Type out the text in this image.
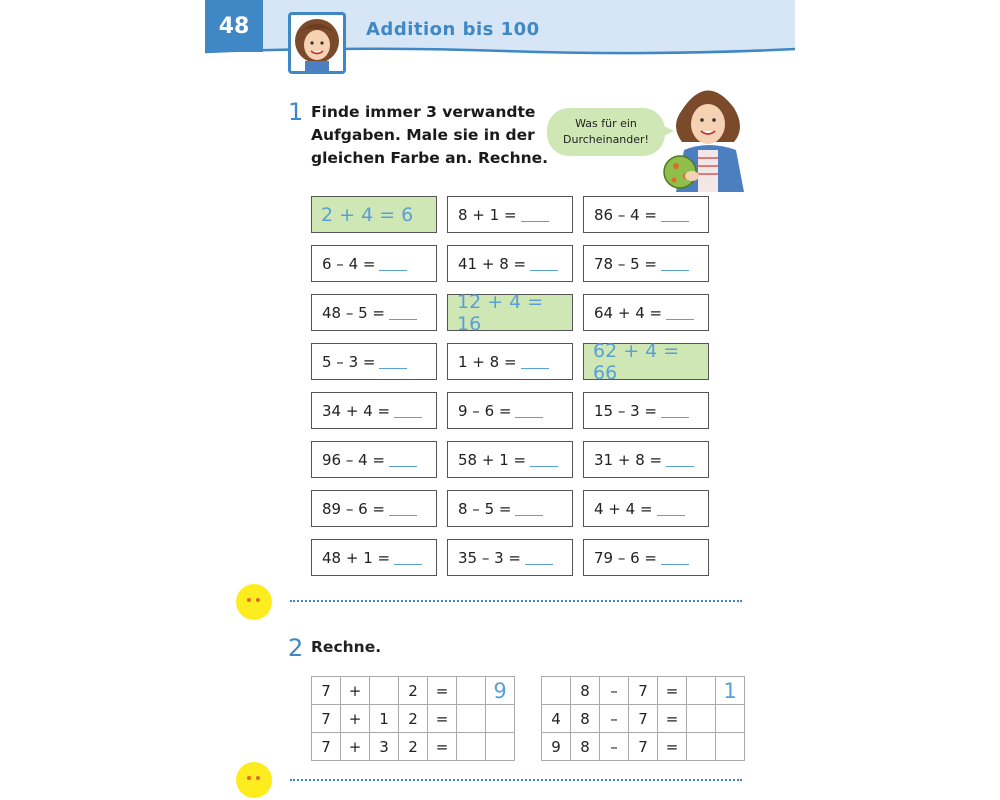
48	Addition bis 100
1 Finde immer 3 verwandte
Aufgaben. Male sie in der
gleichen Farbe an. Rechne.
Was für ein
Durcheinander!
2 + 4 = 6	8 + 1 =	86 – 4 =
6 – 4 =	41 + 8 =	78 – 5 =
48 – 5 =	12 + 4 = 16	64 + 4 =
5 – 3 =	1 + 8 =	62 + 4 = 66
34 + 4 =	9 – 6 =	15 – 3 =
96 – 4 =	58 + 1 =	31 + 8 =
89 – 6 =	8 – 5 =	4 + 4 =
48 + 1 =	35 – 3 =	79 – 6 =
2 Rechne.
7	+		2	=		9
7	+	1	2	=		
7	+	3	2	=		
	8	–	7	=		1
4	8	–	7	=		
9	8	–	7	=		
